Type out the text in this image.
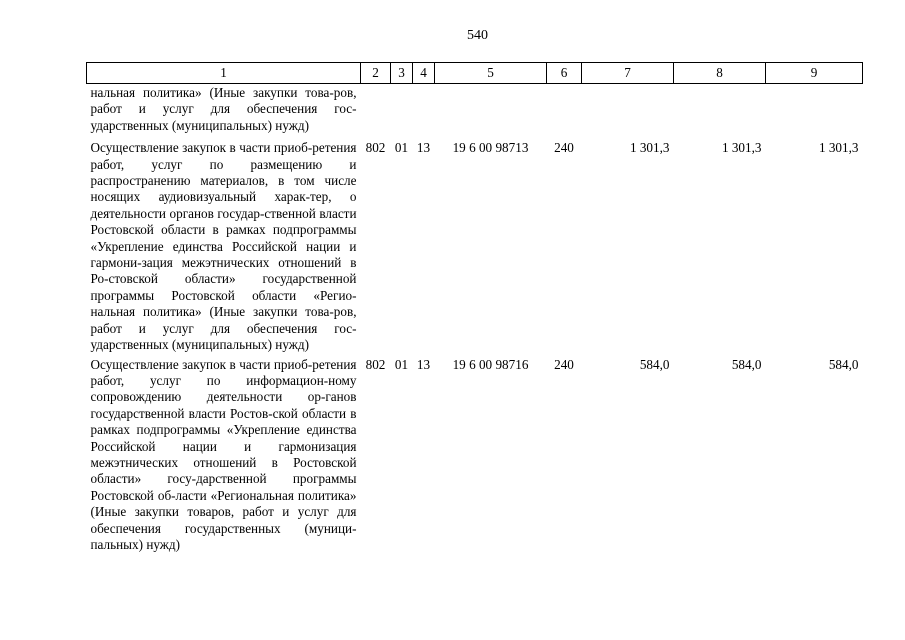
540
1	2	3	4	5	6	7	8	9
нальная политика» (Иные закупки това-ров, работ и услуг для обеспечения гос-ударственных (муниципальных) нужд)								
Осуществление закупок в части приоб-ретения работ, услуг по размещению и распространению материалов, в том числе носящих аудиовизуальный харак-тер, о деятельности органов государ-ственной власти Ростовской области в рамках подпрограммы «Укрепление единства Российской нации и гармони-зация межэтнических отношений в Ро-стовской области» государственной программы Ростовской области «Регио-нальная политика» (Иные закупки това-ров, работ и услуг для обеспечения гос-ударственных (муниципальных) нужд)	802	01	13	19 6 00 98713	240	1 301,3	1 301,3	1 301,3
Осуществление закупок в части приоб-ретения работ, услуг по информацион-ному сопровождению деятельности ор-ганов государственной власти Ростов-ской области в рамках подпрограммы «Укрепление единства Российской нации и гармонизация межэтнических отношений в Ростовской области» госу-дарственной программы Ростовской об-ласти «Региональная политика» (Иные закупки товаров, работ и услуг для обеспечения государственных (муници-пальных) нужд)	802	01	13	19 6 00 98716	240	584,0	584,0	584,0
